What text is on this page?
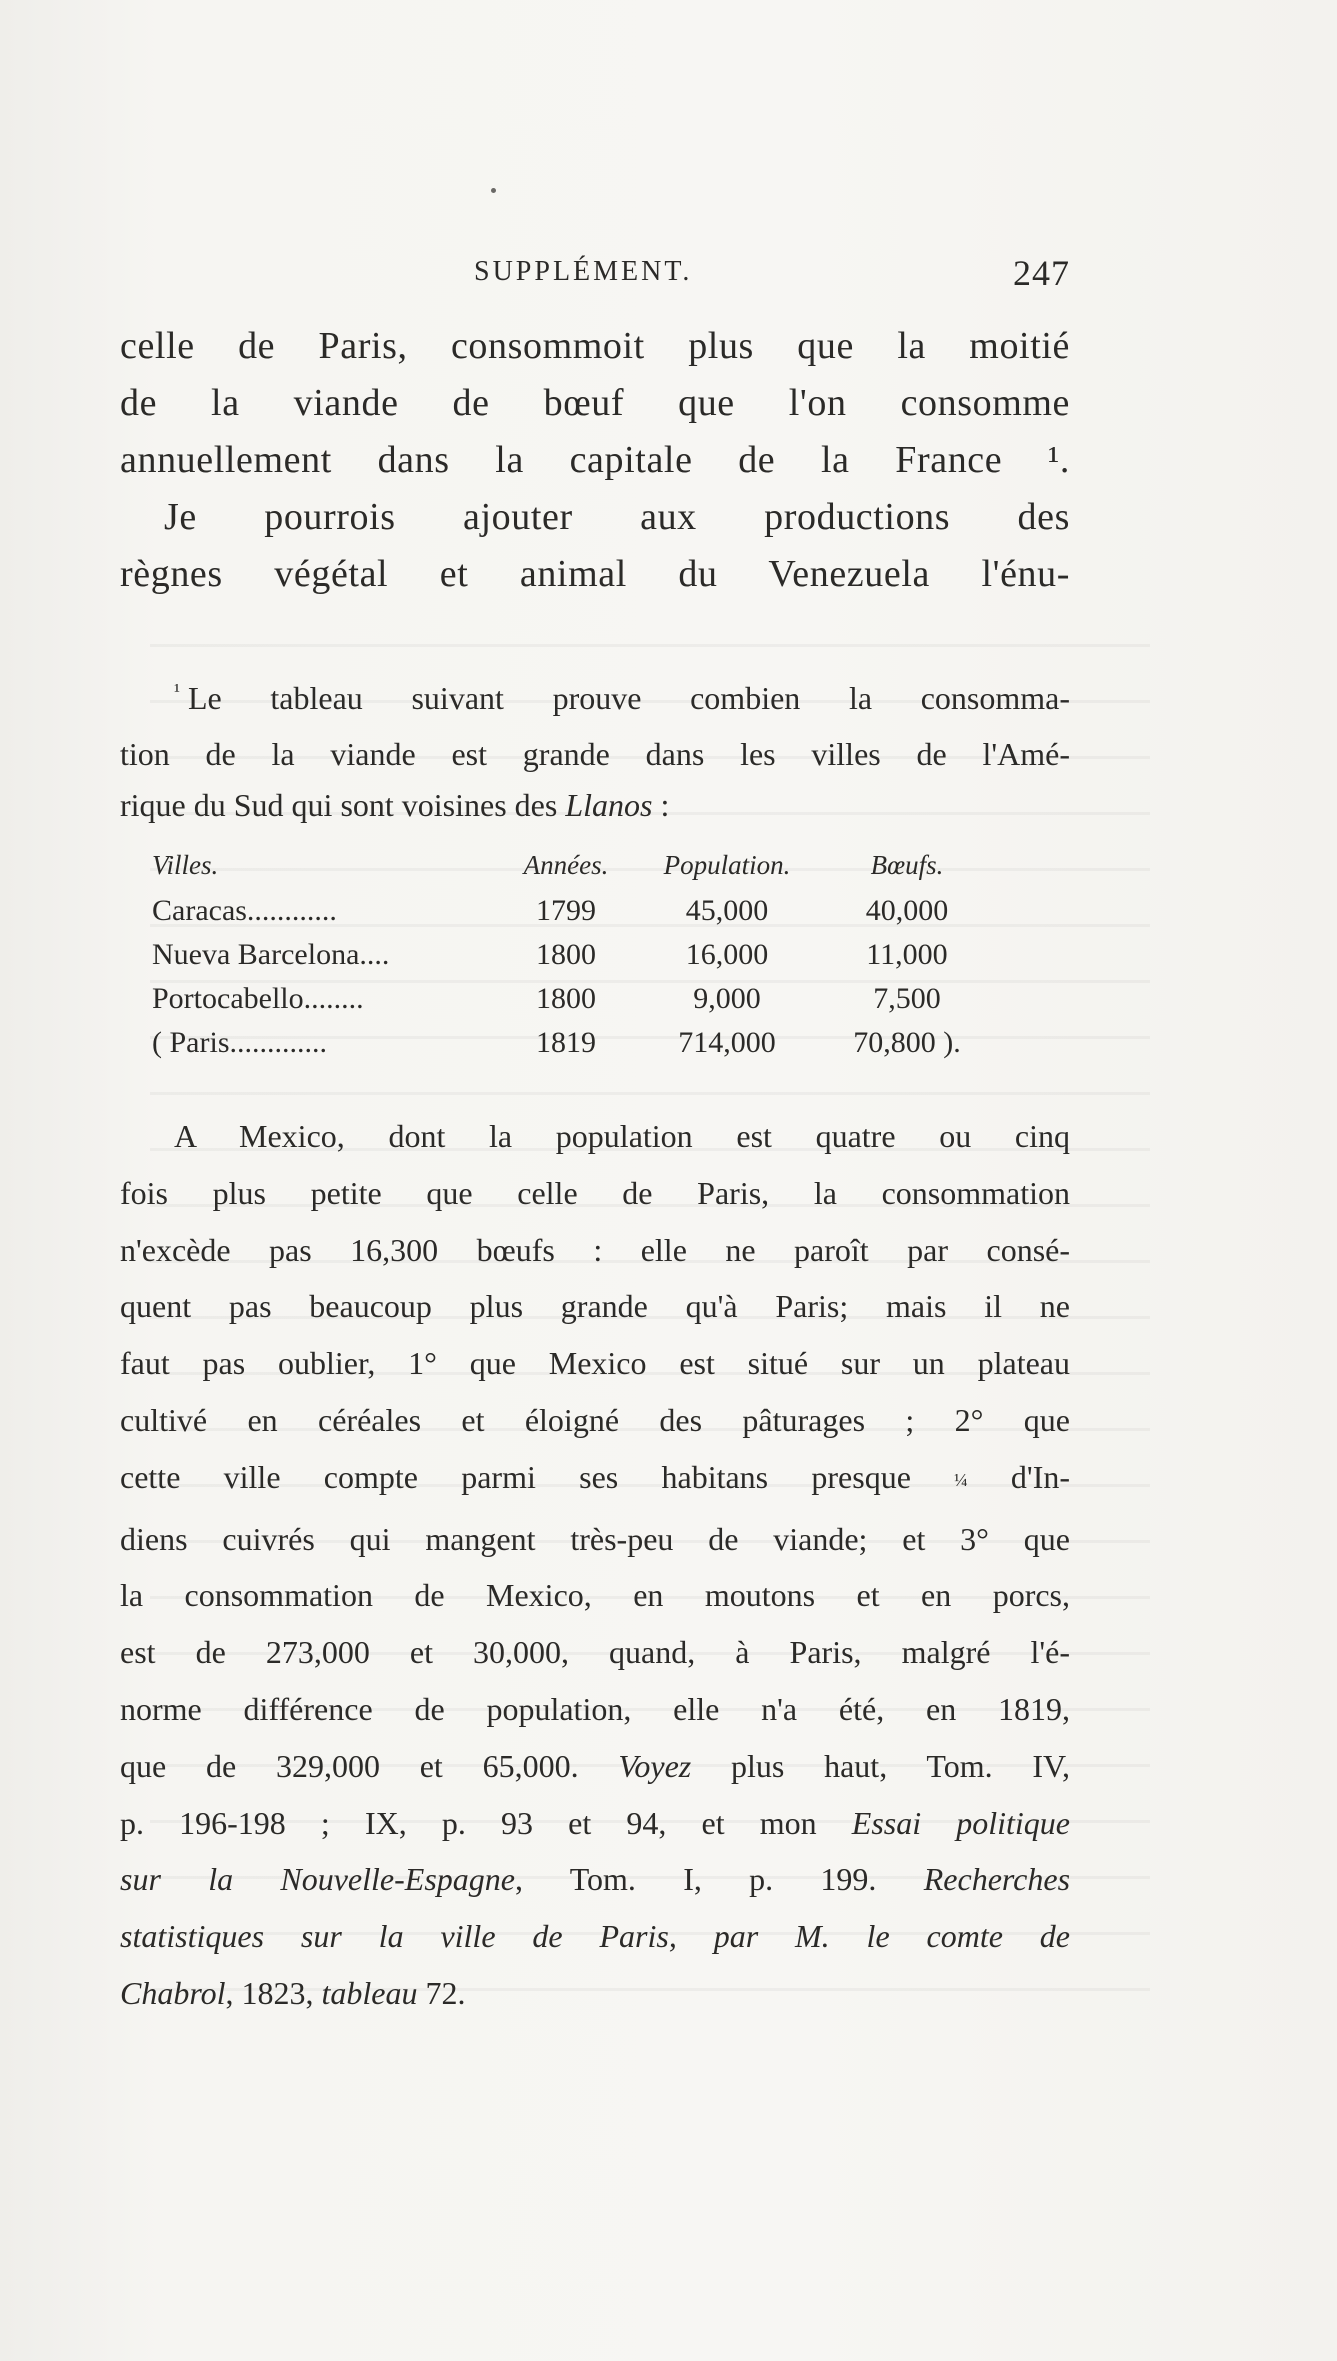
SUPPLÉMENT.	247
celle de Paris, consommoit plus que la moitié
de la viande de bœuf que l'on consomme
annuellement dans la capitale de la France ¹.
Je pourrois ajouter aux productions des
règnes végétal et animal du Venezuela l'énu-
$^{^1}$ Le tableau suivant prouve combien la consomma-
tion de la viande est grande dans les villes de l'Amé-
rique du Sud qui sont voisines des Llanos :
Villes.	Années.	Population.	Bœufs.
Caracas............	1799	45,000	40,000
Nueva Barcelona....	1800	16,000	11,000
Portocabello........	1800	9,000	7,500
( Paris.............	1819	714,000	70,800 ).
A Mexico, dont la population est quatre ou cinq
fois plus petite que celle de Paris, la consommation
n'excède pas 16,300 bœufs : elle ne paroît par consé-
quent pas beaucoup plus grande qu'à Paris; mais il ne
faut pas oublier, 1° que Mexico est situé sur un plateau
cultivé en céréales et éloigné des pâturages ; 2° que
cette ville compte parmi ses habitans presque ¼ d'In-
diens cuivrés qui mangent très-peu de viande; et 3° que
la consommation de Mexico, en moutons et en porcs,
est de 273,000 et 30,000, quand, à Paris, malgré l'é-
norme différence de population, elle n'a été, en 1819,
que de 329,000 et 65,000. Voyez plus haut, Tom. IV,
p. 196-198 ; IX, p. 93 et 94, et mon Essai politique
sur la Nouvelle-Espagne, Tom. I, p. 199. Recherches
statistiques sur la ville de Paris, par M. le comte de
Chabrol, 1823, tableau 72.
